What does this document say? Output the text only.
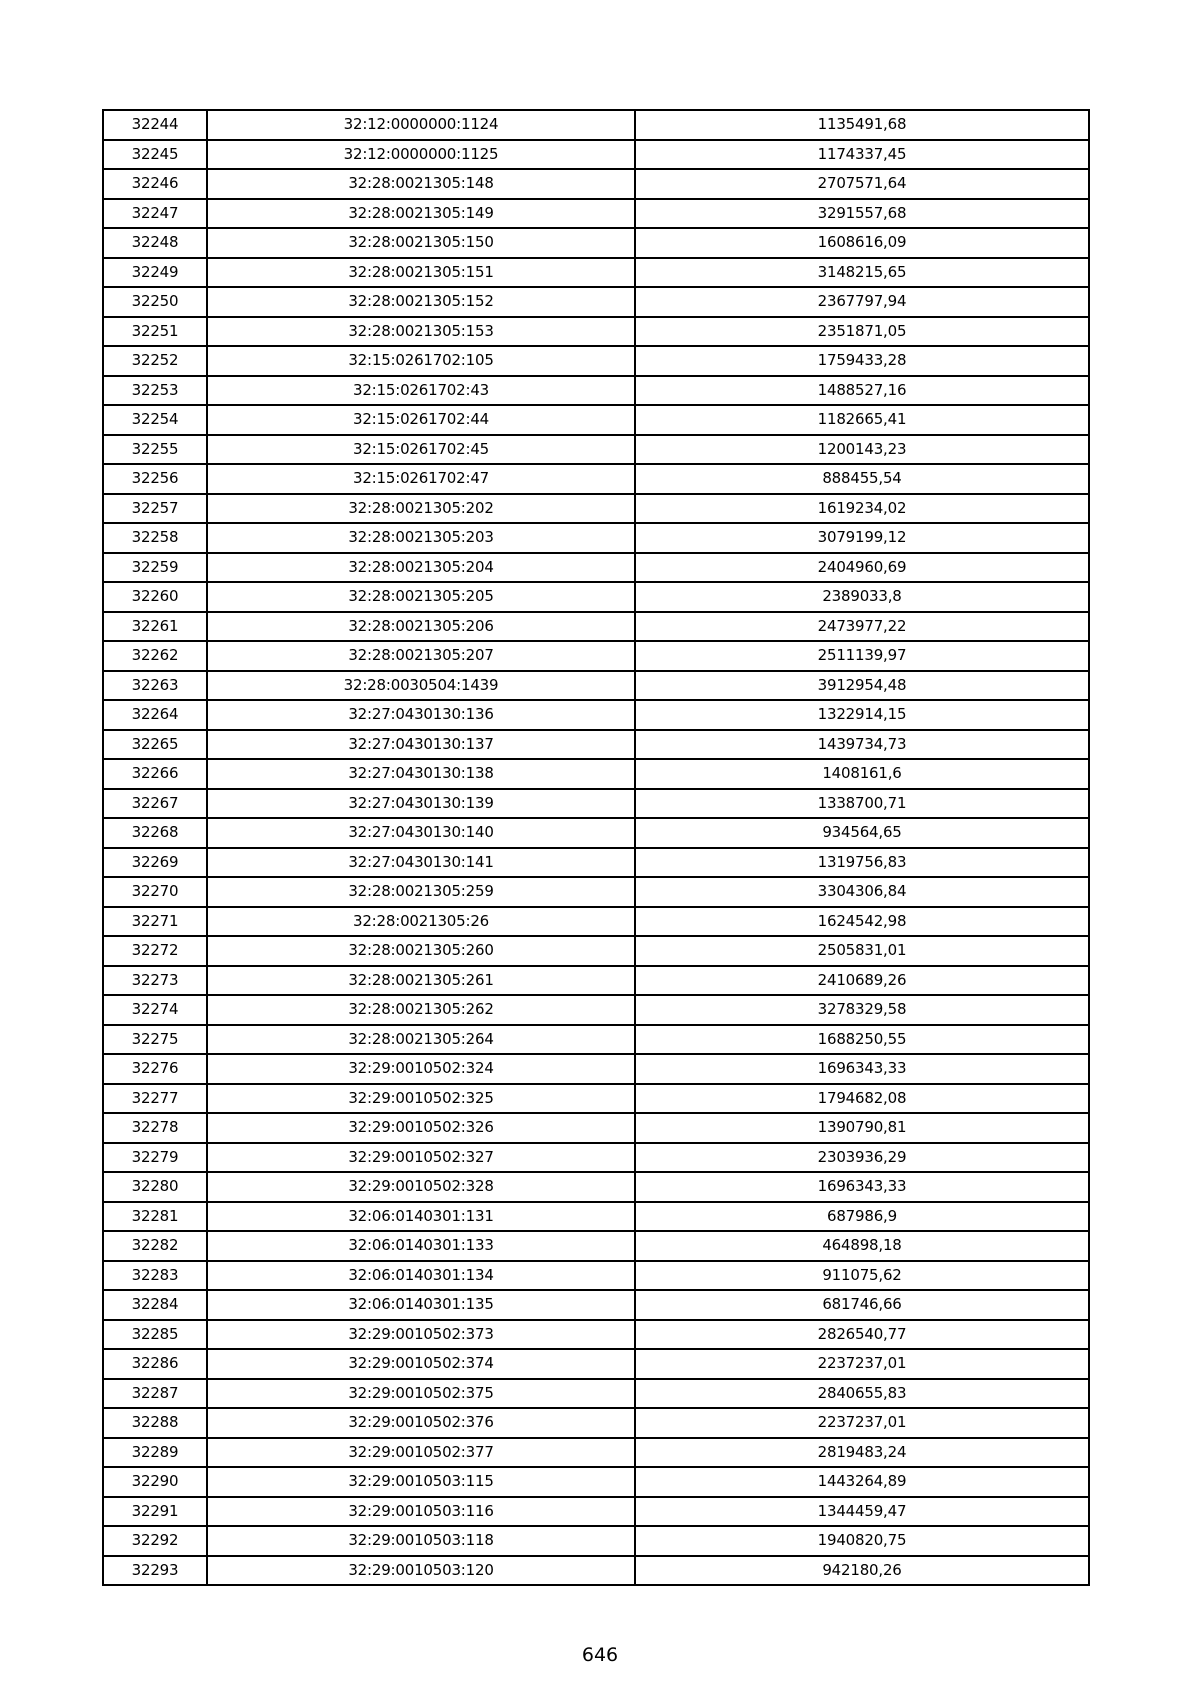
32244	32:12:0000000:1124	1135491,68
32245	32:12:0000000:1125	1174337,45
32246	32:28:0021305:148	2707571,64
32247	32:28:0021305:149	3291557,68
32248	32:28:0021305:150	1608616,09
32249	32:28:0021305:151	3148215,65
32250	32:28:0021305:152	2367797,94
32251	32:28:0021305:153	2351871,05
32252	32:15:0261702:105	1759433,28
32253	32:15:0261702:43	1488527,16
32254	32:15:0261702:44	1182665,41
32255	32:15:0261702:45	1200143,23
32256	32:15:0261702:47	888455,54
32257	32:28:0021305:202	1619234,02
32258	32:28:0021305:203	3079199,12
32259	32:28:0021305:204	2404960,69
32260	32:28:0021305:205	2389033,8
32261	32:28:0021305:206	2473977,22
32262	32:28:0021305:207	2511139,97
32263	32:28:0030504:1439	3912954,48
32264	32:27:0430130:136	1322914,15
32265	32:27:0430130:137	1439734,73
32266	32:27:0430130:138	1408161,6
32267	32:27:0430130:139	1338700,71
32268	32:27:0430130:140	934564,65
32269	32:27:0430130:141	1319756,83
32270	32:28:0021305:259	3304306,84
32271	32:28:0021305:26	1624542,98
32272	32:28:0021305:260	2505831,01
32273	32:28:0021305:261	2410689,26
32274	32:28:0021305:262	3278329,58
32275	32:28:0021305:264	1688250,55
32276	32:29:0010502:324	1696343,33
32277	32:29:0010502:325	1794682,08
32278	32:29:0010502:326	1390790,81
32279	32:29:0010502:327	2303936,29
32280	32:29:0010502:328	1696343,33
32281	32:06:0140301:131	687986,9
32282	32:06:0140301:133	464898,18
32283	32:06:0140301:134	911075,62
32284	32:06:0140301:135	681746,66
32285	32:29:0010502:373	2826540,77
32286	32:29:0010502:374	2237237,01
32287	32:29:0010502:375	2840655,83
32288	32:29:0010502:376	2237237,01
32289	32:29:0010502:377	2819483,24
32290	32:29:0010503:115	1443264,89
32291	32:29:0010503:116	1344459,47
32292	32:29:0010503:118	1940820,75
32293	32:29:0010503:120	942180,26
646
